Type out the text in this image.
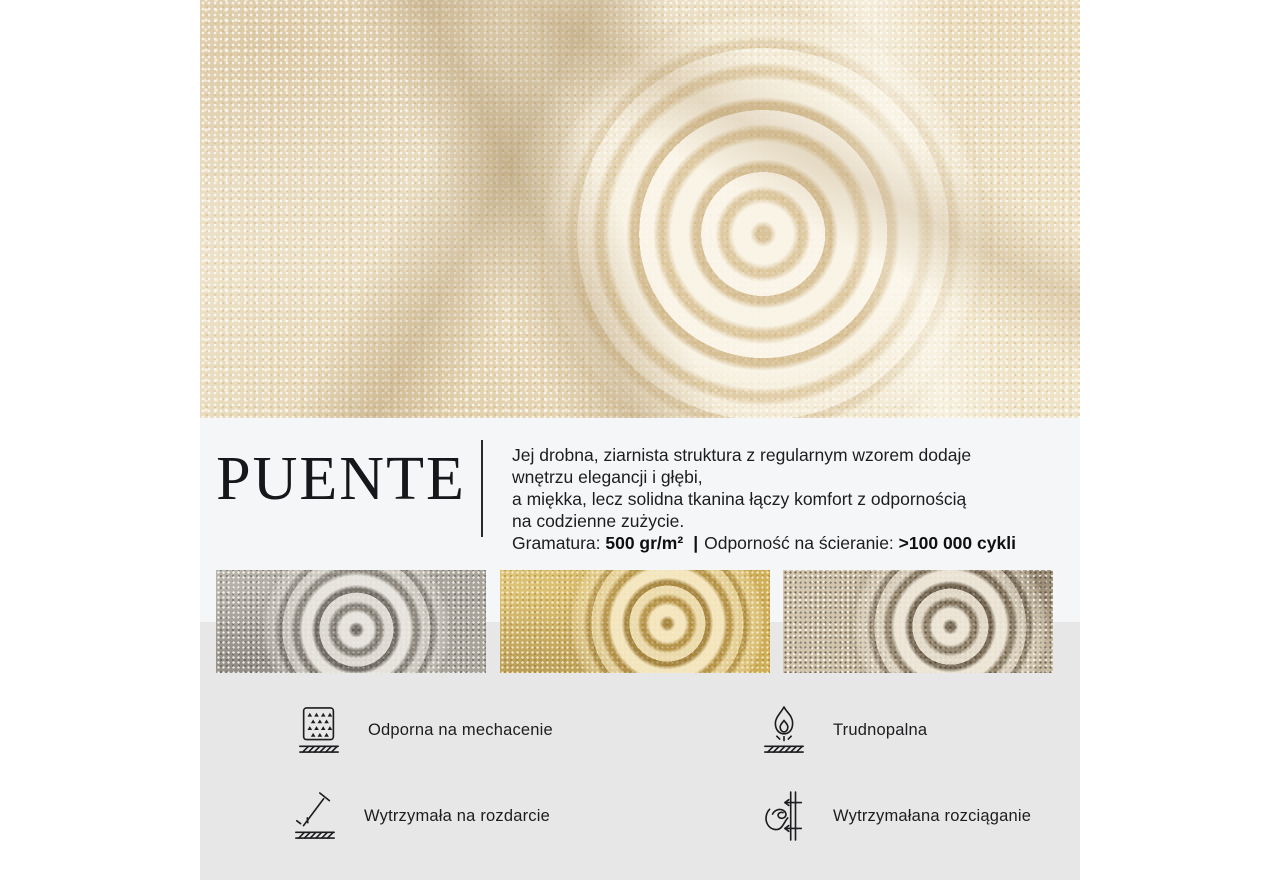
PUENTE	Jej drobna, ziarnista struktura z regularnym wzorem dodaje

wnętrzu elegancji i głębi,

a miękka, lecz solidna tkanina łączy komfort z odpornością

na codzienne zużycie.

Gramatura: 500 gr/m² | Odporność na ścieranie: >100 000 cykli

Odporna na mechacenie	Trudnopalna
Wytrzymała na rozdarcie	Wytrzymałana rozciąganie
